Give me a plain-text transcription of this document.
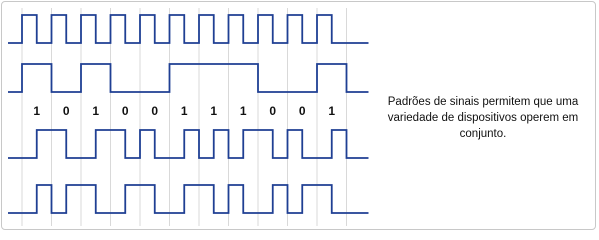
1 0 1 0 0 1 1 1 0 0 1
Padrões de sinais permitem que uma
variedade de dispositivos operem em
conjunto.
